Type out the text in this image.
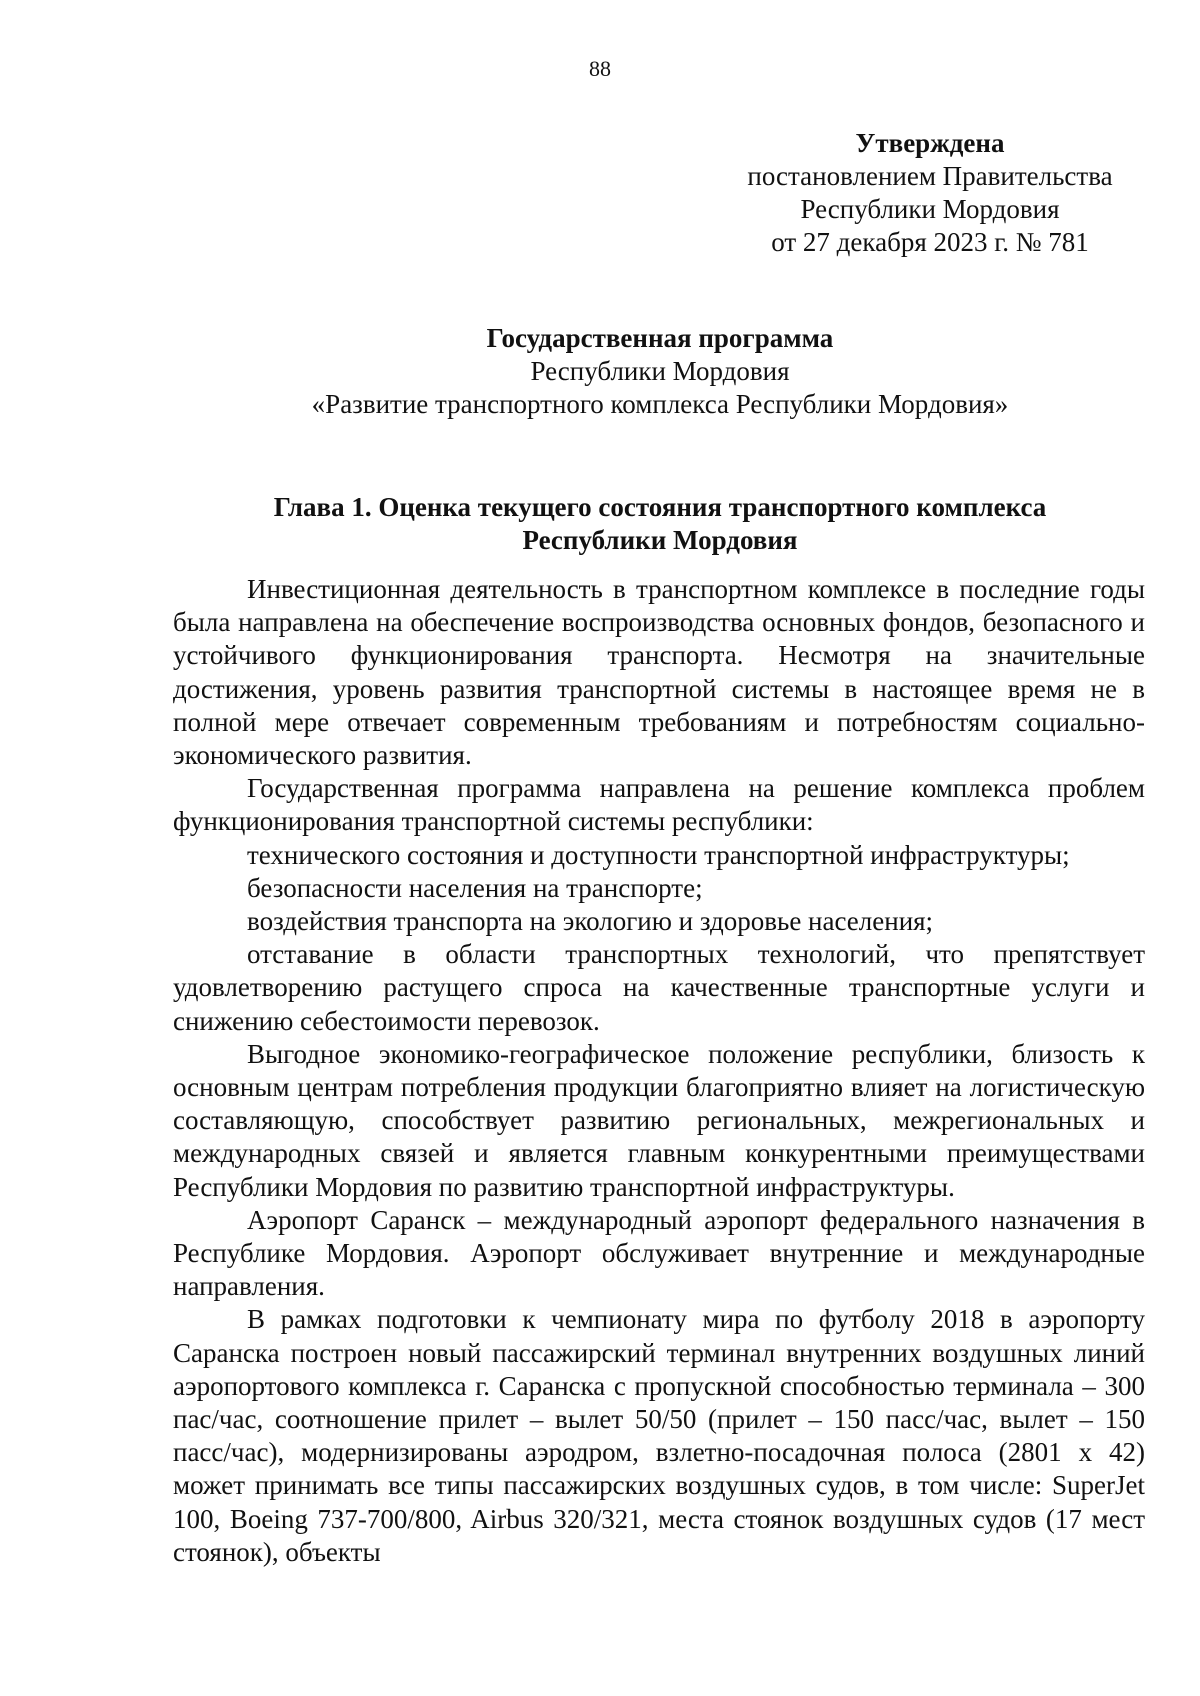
88
Утверждена
постановлением Правительства
Республики Мордовия
от 27 декабря 2023 г. № 781
Государственная программа
Республики Мордовия
«Развитие транспортного комплекса Республики Мордовия»
Глава 1. Оценка текущего состояния транспортного комплекса
Республики Мордовия

Инвестиционная деятельность в транспортном комплексе в последние годы была направлена на обеспечение воспроизводства основных фондов, безопасного и устойчивого функционирования транспорта. Несмотря на значительные достижения, уровень развития транспортной системы в настоящее время не в полной мере отвечает современным требованиям и потребностям социально-экономического развития.

Государственная программа направлена на решение комплекса проблем функционирования транспортной системы республики:

технического состояния и доступности транспортной инфраструктуры;

безопасности населения на транспорте;

воздействия транспорта на экологию и здоровье населения;

отставание в области транспортных технологий, что препятствует удовлетворению растущего спроса на качественные транспортные услуги и снижению себестоимости перевозок.

Выгодное экономико-географическое положение республики, близость к основным центрам потребления продукции благоприятно влияет на логистическую составляющую, способствует развитию региональных, межрегиональных и международных связей и является главным конкурентными преимуществами Республики Мордовия по развитию транспортной инфраструктуры.

Аэропорт Саранск – международный аэропорт федерального назначения в Республике Мордовия. Аэропорт обслуживает внутренние и международные направления.

В рамках подготовки к чемпионату мира по футболу 2018 в аэропорту Саранска построен новый пассажирский терминал внутренних воздушных линий аэропортового комплекса г. Саранска с пропускной способностью терминала – 300 пас/час, соотношение прилет – вылет 50/50 (прилет – 150 пасс/час, вылет – 150 пасс/час), модернизированы аэродром, взлетно-посадочная полоса (2801 х 42) может принимать все типы пассажирских воздушных судов, в том числе: SuperJet 100, Boeing 737-700/800, Airbus 320/321, места стоянок воздушных судов (17 мест стоянок), объекты
